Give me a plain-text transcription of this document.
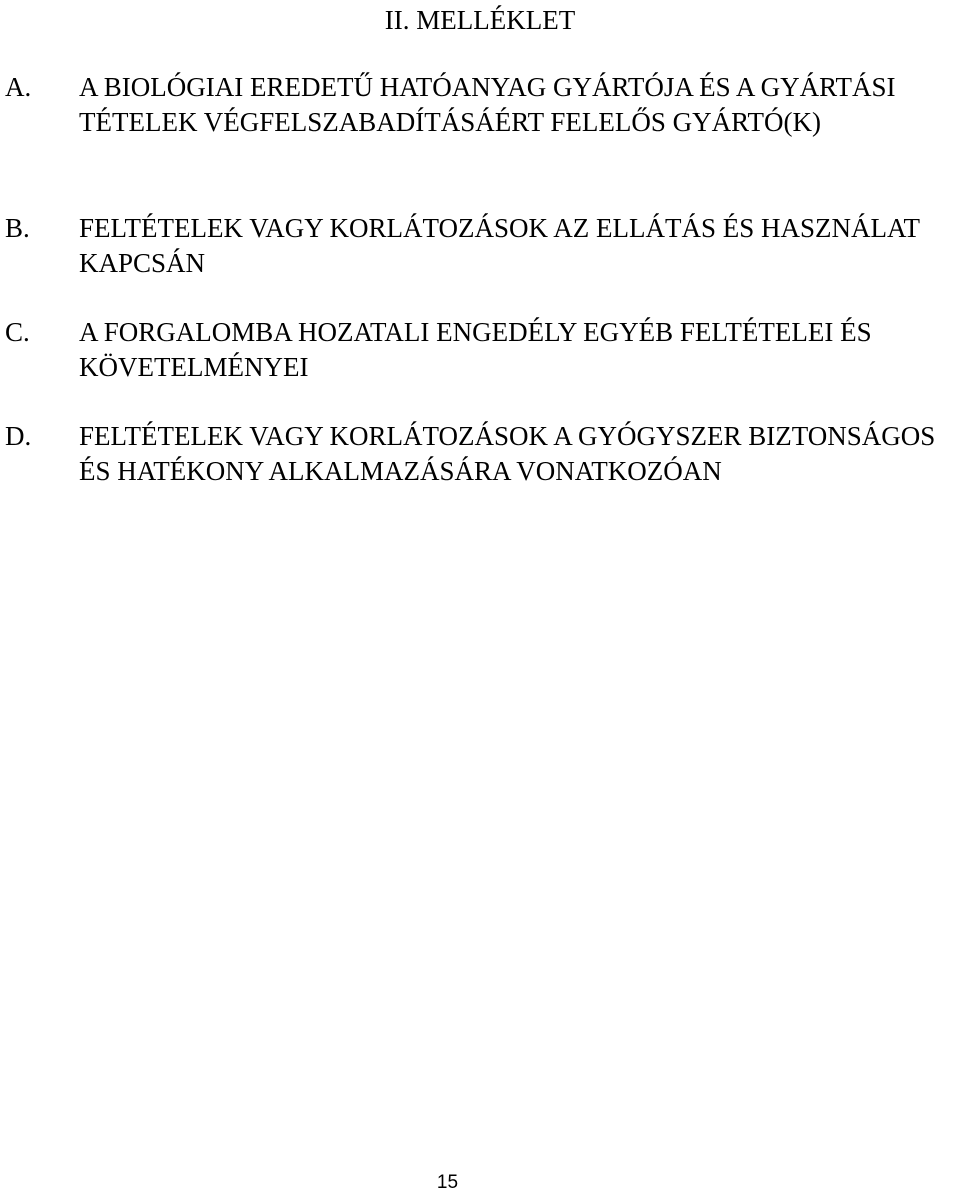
II. MELLÉKLET
A. A BIOLÓGIAI EREDETŰ HATÓANYAG GYÁRTÓJA ÉS A GYÁRTÁSI TÉTELEK VÉGFELSZABADÍTÁSÁÉRT FELELŐS GYÁRTÓ(K)
B. FELTÉTELEK VAGY KORLÁTOZÁSOK AZ ELLÁTÁS ÉS HASZNÁLAT KAPCSÁN
C. A FORGALOMBA HOZATALI ENGEDÉLY EGYÉB FELTÉTELEI ÉS KÖVETELMÉNYEI
D. FELTÉTELEK VAGY KORLÁTOZÁSOK A GYÓGYSZER BIZTONSÁGOS ÉS HATÉKONY ALKALMAZÁSÁRA VONATKOZÓAN
15
